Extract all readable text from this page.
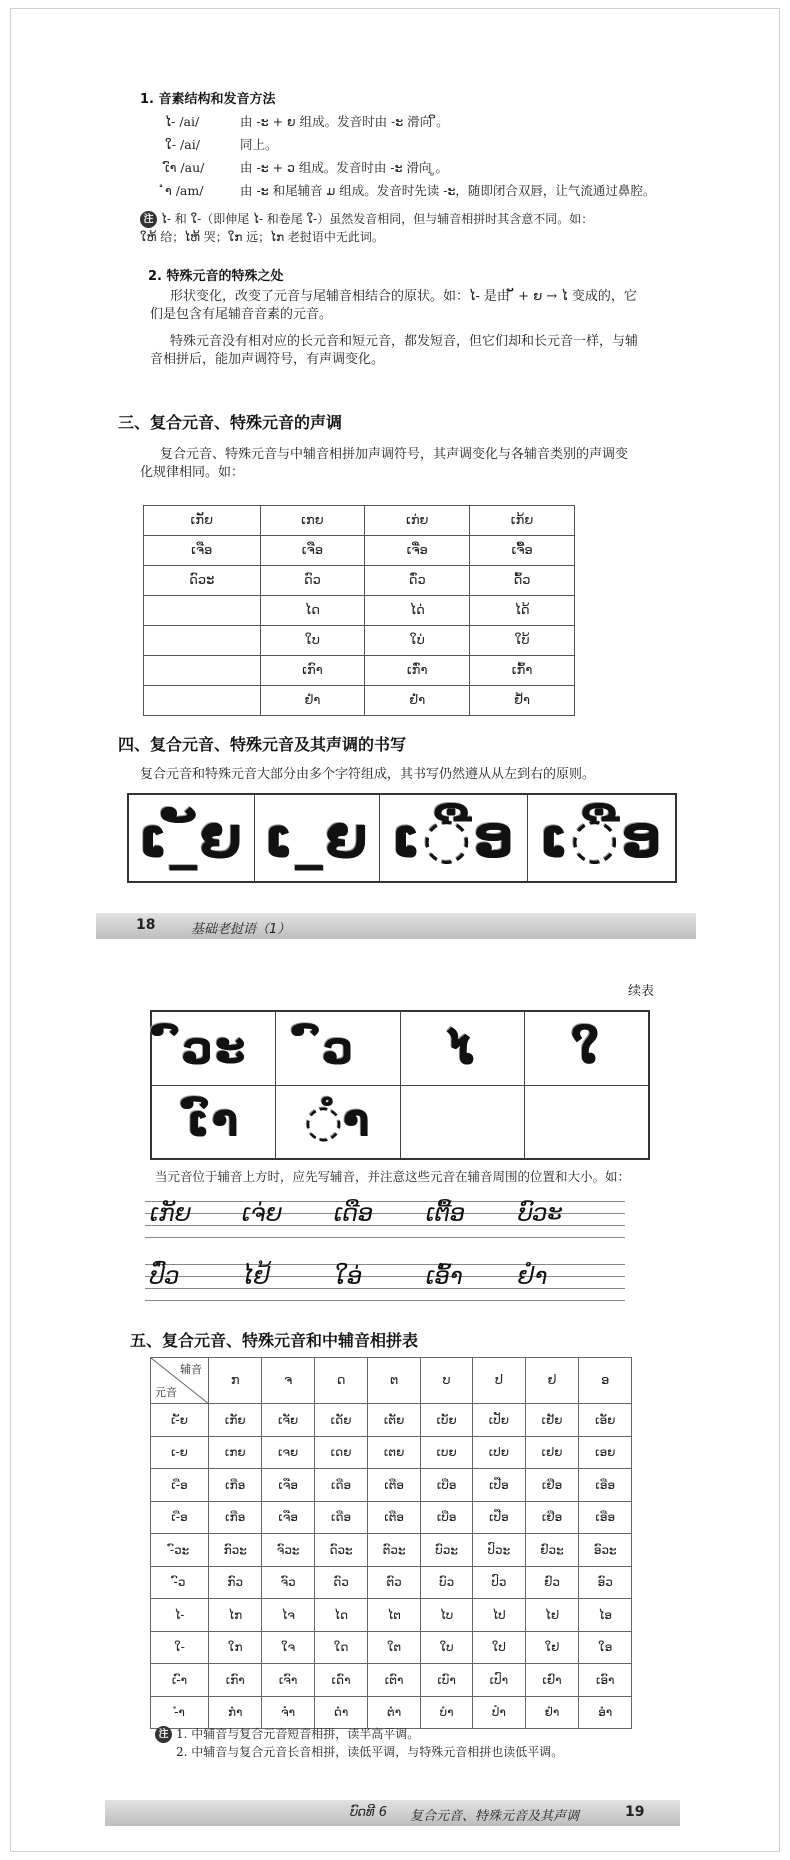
1. 音素结构和发音方法
ໄ- /ai/	由 -ະ + ຍ 组成。发音时由 -ະ 滑向 ິ。
ໃ- /ai/	同上。
ເົາ /au/	由 -ະ + ວ 组成。发音时由 -ະ 滑向 ູ。
ຳ /am/	由 -ະ 和尾辅音 ມ 组成。发音时先读 -ະ，随即闭合双唇，让气流通过鼻腔。
注 ໄ- 和 ໃ-（即伸尾 ໄ- 和卷尾 ໃ-）虽然发音相同，但与辅音相拼时其含意不同。如：
ໃຫ້ 给；ໄຫ້ 哭；ໃກ 远；ໄກ 老挝语中无此词。
2. 特殊元音的特殊之处
形状变化，改变了元音与尾辅音相结合的原状。如：ໄ- 是由 ັ + ຍ → ໄ 变成的，它
们是包含有尾辅音音素的元音。
特殊元音没有相对应的长元音和短元音，都发短音，但它们却和长元音一样，与辅
音相拼后，能加声调符号，有声调变化。
三、复合元音、特殊元音的声调
复合元音、特殊元音与中辅音相拼加声调符号，其声调变化与各辅音类别的声调变
化规律相同。如：
ເກັຍ	ເກຍ	ເກ່ຍ	ເກ້ຍ
ເຈືອ	ເຈືອ	ເຈື່ອ	ເຈື້ອ
ດົວະ	ດົວ	ດົ່ວ	ດົ້ວ
	ໄດ	ໄດ່	ໄດ້
	ໃບ	ໃບ່	ໃບ້
	ເກົາ	ເກົ່າ	ເກົ້າ
	ຢຳ	ຢ່ຳ	ຢ້ຳ
四、复合元音、特殊元音及其声调的书写
复合元音和特殊元音大部分由多个字符组成，其书写仍然遵从从左到右的原则。
ເ_ັຍ	ເ_ຍ	ເ◌ືອ	ເ◌ືອ
18	基础老挝语（1）
续表
ົວະ	ົວ	ໄ	ໃ
ເົາ	◌ຳ		
当元音位于辅音上方时，应先写辅音，并注意这些元音在辅音周围的位置和大小。如：
ເກັຍ ເຈ່ຍ ເດືອ ເຕື້ອ ບົວະ
ປົ່ວ	ໄຢ້	ໃອ່	ເອົ້າ ຢຳ
五、复合元音、特殊元音和中辅音相拼表
辅音
元音	ກ	ຈ	ດ	ຕ	ບ	ປ	ຢ	ອ
ເ-ັຍ	ເກັຍ	ເຈັຍ	ເດັຍ	ເຕັຍ	ເບັຍ	ເປັຍ	ເຢັຍ	ເອັຍ
ເ-ຍ	ເກຍ	ເຈຍ	ເດຍ	ເຕຍ	ເບຍ	ເປຍ	ເຢຍ	ເອຍ
ເ-ືອ	ເກືອ	ເຈືອ	ເດືອ	ເຕືອ	ເບືອ	ເປືອ	ເຢືອ	ເອືອ
ເ-ືອ	ເກືອ	ເຈືອ	ເດືອ	ເຕືອ	ເບືອ	ເປືອ	ເຢືອ	ເອືອ
-ົວະ	ກົວະ	ຈົວະ	ດົວະ	ຕົວະ	ບົວະ	ປົວະ	ຢົວະ	ອົວະ
-ົວ	ກົວ	ຈົວ	ດົວ	ຕົວ	ບົວ	ປົວ	ຢົວ	ອົວ
ໄ-	ໄກ	ໄຈ	ໄດ	ໄຕ	ໄບ	ໄປ	ໄຢ	ໄອ
ໃ-	ໃກ	ໃຈ	ໃດ	ໃຕ	ໃບ	ໃປ	ໃຢ	ໃອ
ເ-ົາ	ເກົາ	ເຈົາ	ເດົາ	ເຕົາ	ເບົາ	ເປົາ	ເຢົາ	ເອົາ
-ຳ	ກຳ	ຈຳ	ດຳ	ຕຳ	ບຳ	ປຳ	ຢຳ	ອຳ
注 1. 中辅音与复合元音短音相拼，读半高平调。
2. 中辅音与复合元音长音相拼，读低平调，与特殊元音相拼也读低平调。
ບົດທີ 6 复合元音、特殊元音及其声调	19
